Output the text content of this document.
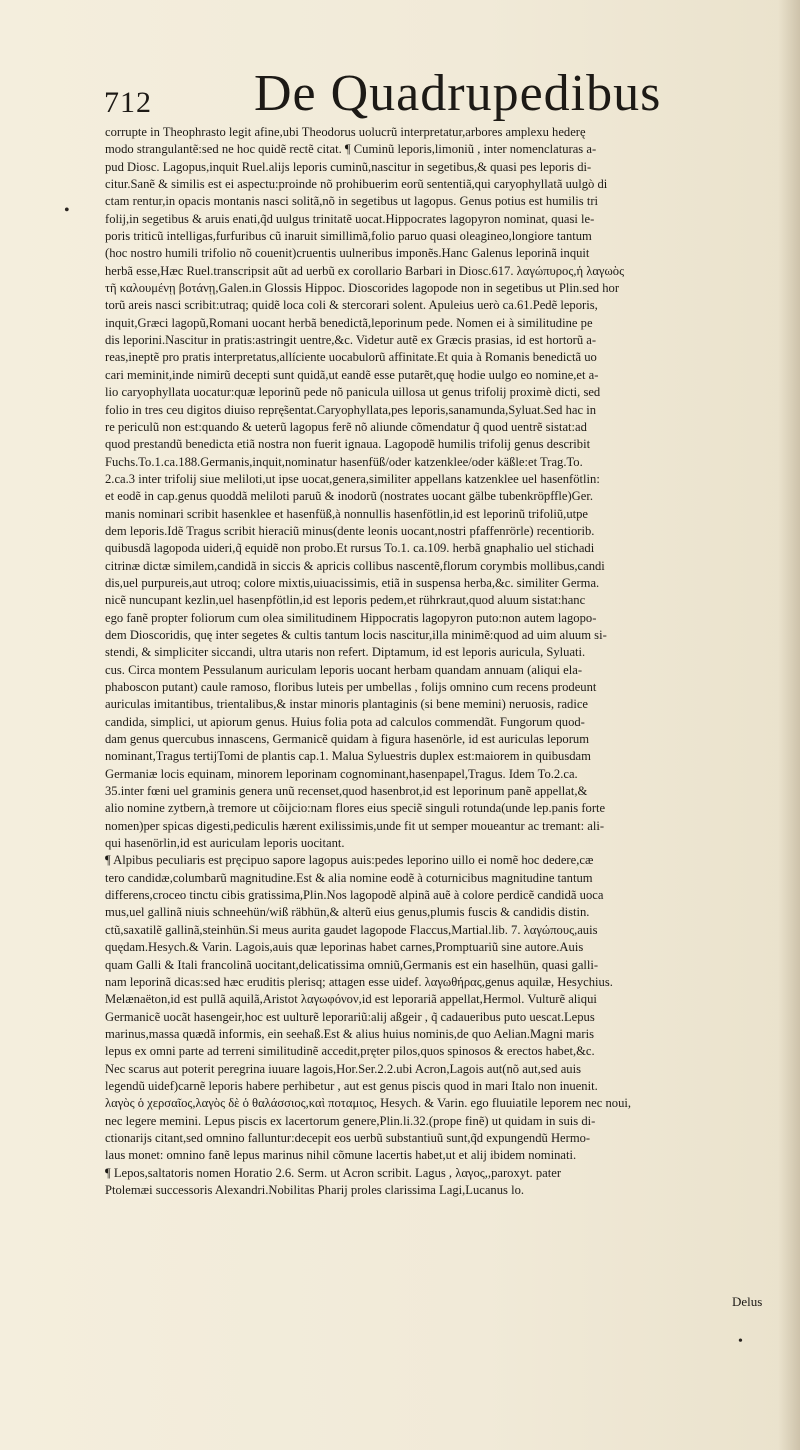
712 De Quadrupedibus
•
corrupte in Theophrasto legit afine,ubi Theodorus uolucrũ interpretatur,arbores amplexu hederę
modo strangulantẽ:sed ne hoc quidẽ rectẽ citat. ¶ Cuminũ leporis,limoniũ , inter nomenclaturas a-
pud Diosc. Lagopus,inquit Ruel.alijs leporis cuminũ,nascitur in segetibus,& quasi pes leporis di-
citur.Sanẽ & similis est ei aspectu:proinde nõ prohibuerim eorũ sententiã,qui caryophyllatã uulgò di
ctam rentur,in opacis montanis nasci solitã,nõ in segetibus ut lagopus. Genus potius est humilis tri
folij,in segetibus & aruis enati,q̃d uulgus trinitatẽ uocat.Hippocrates lagopyron nominat, quasi le-
poris triticũ intelligas,furfuribus cũ inaruit simillimã,folio paruo quasi oleagineo,longiore tantum
(hoc nostro humili trifolio nõ couenit)cruentis uulneribus imponẽs.Hanc Galenus leporinã inquit
herbã esse,Hæc Ruel.transcripsit aũt ad uerbũ ex corollario Barbari in Diosc.617. λαγώπυρος,ἡ λαγωὸς
τῆ καλουμένῃ βοτάνῃ,Galen.in Glossis Hippoc. Dioscorides lagopode non in segetibus ut Plin.sed hor
torũ areis nasci scribit:utraq; quidẽ loca coli & stercorari solent. Apuleius uerò ca.61.Pedẽ leporis,
inquit,Græci lagopũ,Romani uocant herbã benedictã,leporinum pede. Nomen ei à similitudine pe
dis leporini.Nascitur in pratis:astringit uentre,&c. Videtur autẽ ex Græcis prasias, id est hortorũ a-
reas,ineptẽ pro pratis interpretatus,allíciente uocabulorũ affinitate.Et quia à Romanis benedictã uo
cari meminit,inde nimirũ decepti sunt quidã,ut eandẽ esse putarẽt,quę hodie uulgo eo nomine,et a-
lio caryophyllata uocatur:quæ leporinũ pede nõ panicula uillosa ut genus trifolij proximè dicti, sed
folio in tres ceu digitos diuiso reprę̃sentat.Caryophyllata,pes leporis,sanamunda,Syluat.Sed hac in
re periculũ non est:quando & ueterũ lagopus ferẽ nõ aliunde cõmendatur q̃ quod uentrẽ sistat:ad
quod prestandũ benedicta etiã nostra non fuerit ignaua. Lagopodẽ humilis trifolij genus describit
Fuchs.To.1.ca.188.Germanis,inquit,nominatur hasenfüß/oder katzenklee/oder käßle:et Trag.To.
2.ca.3 inter trifolij siue meliloti,ut ipse uocat,genera,similiter appellans katzenklee uel hasenfötlin:
et eodẽ in cap.genus quoddã meliloti paruũ & inodorũ (nostrates uocant gälbe tubenkröpffle)Ger.
manis nominari scribit hasenklee et hasenfüß,à nonnullis hasenfötlin,id est leporinũ trifoliũ,utpe
dem leporis.Idẽ Tragus scribit hieraciũ minus(dente leonis uocant,nostri pfaffenrörle) recentiorib.
quibusdã lagopoda uideri,q̃ equidẽ non probo.Et rursus To.1. ca.109. herbã gnaphalio uel stichadi
citrinæ dictæ similem,candidã in siccis & apricis collibus nascentẽ,florum corymbis mollibus,candi
dis,uel purpureis,aut utroq; colore mixtis,uiuacissimis, etiã in suspensa herba,&c. similiter Germa.
nicẽ nuncupant kezlin,uel hasenpfötlin,id est leporis pedem,et rührkraut,quod aluum sistat:hanc
ego fanẽ propter foliorum cum olea similitudinem Hippocratis lagopyron puto:non autem lagopo-
dem Dioscoridis, quę inter segetes & cultis tantum locis nascitur,illa minimẽ:quod ad uim aluum si-
stendi, & simpliciter siccandi, ultra utaris non refert. Diptamum, id est leporis auricula, Syluati.
cus. Circa montem Pessulanum auriculam leporis uocant herbam quandam annuam (aliqui ela-
phaboscon putant) caule ramoso, floribus luteis per umbellas , folijs omnino cum recens prodeunt
auriculas imitantibus, trientalibus,& instar minoris plantaginis (si bene memini) neruosis, radice
candida, simplici, ut apiorum genus. Huius folia pota ad calculos commendãt. Fungorum quod-
dam genus quercubus innascens, Germanicẽ quidam à figura hasenörle, id est auriculas leporum
nominant,Tragus tertijTomi de plantis cap.1. Malua Syluestris duplex est:maiorem in quibusdam
Germaniæ locis equinam, minorem leporinam cognominant,hasenpapel,Tragus. Idem To.2.ca.
35.inter fœni uel graminis genera unũ recenset,quod hasenbrot,id est leporinum panẽ appellat,&
alio nomine zytbern,à tremore ut cõijcio:nam flores eius speciẽ singuli rotunda(unde lep.panis forte
nomen)per spicas digesti,pediculis hærent exilissimis,unde fit ut semper moueantur ac tremant: ali-
qui hasenörlin,id est auriculam leporis uocitant.
¶ Alpibus peculiaris est pręcipuo sapore lagopus auis:pedes leporino uillo ei nomẽ hoc dedere,cæ
tero candidæ,columbarũ magnitudine.Est & alia nomine eodẽ à coturnicibus magnitudine tantum
differens,croceo tinctu cibis gratissima,Plin.Nos lagopodẽ alpinã auẽ à colore perdicẽ candidã uoca
mus,uel gallinã niuis schneehün/wiß räbhün,& alterũ eius genus,plumis fuscis & candidis distin.
ctũ,saxatilẽ gallinã,steinhün.Si meus aurita gaudet lagopode Flaccus,Martial.lib. 7. λαγώπους,auis
quędam.Hesych.& Varin. Lagois,auis quæ leporinas habet carnes,Promptuariũ sine autore.Auis
quam Galli & Itali francolinã uocitant,delicatissima omniũ,Germanis est ein haselhün, quasi galli-
nam leporinã dicas:sed hæc eruditis plerisq; attagen esse uidef. λαγωθήρας,genus aquilæ, Hesychius.
Melænaëton,id est pullã aquilã,Aristot λαγωφόνον,id est leporariã appellat,Hermol. Vulturẽ aliqui
Germanicẽ uocãt hasengeir,hoc est uulturẽ leporariũ:alij aßgeir , q̃ cadaueribus puto uescat.Lepus
marinus,massa quædã informis, ein seehaß.Est & alius huius nominis,de quo Aelian.Magni maris
lepus ex omni parte ad terreni similitudinẽ accedit,pręter pilos,quos spinosos & erectos habet,&c.
Nec scarus aut poterit peregrina iuuare lagois,Hor.Ser.2.2.ubi Acron,Lagois aut(nõ aut,sed auis
legendũ uidef)carnẽ leporis habere perhibetur , aut est genus piscis quod in mari Italo non inuenit.
λαγὸς ὁ χερσαῖος,λαγὸς δὲ ὁ θαλάσσιος,καὶ ποταμιος, Hesych. & Varin. ego fluuiatile leporem nec noui,
nec legere memini. Lepus piscis ex lacertorum genere,Plin.li.32.(prope finẽ) ut quidam in suis di-
ctionarijs citant,sed omnino falluntur:decepit eos uerbũ substantiuũ sunt,q̃d expungendũ Hermo-
laus monet: omnino fanẽ lepus marinus nihil cõmune lacertis habet,ut et alij ibidem nominati.
¶ Lepos,saltatoris nomen Horatio 2.6. Serm. ut Acron scribit. Lagus , λαγος,,paroxyt. pater
Ptolemæi successoris Alexandri.Nobilitas Pharij proles clarissima Lagi,Lucanus lo.
Delus
•
